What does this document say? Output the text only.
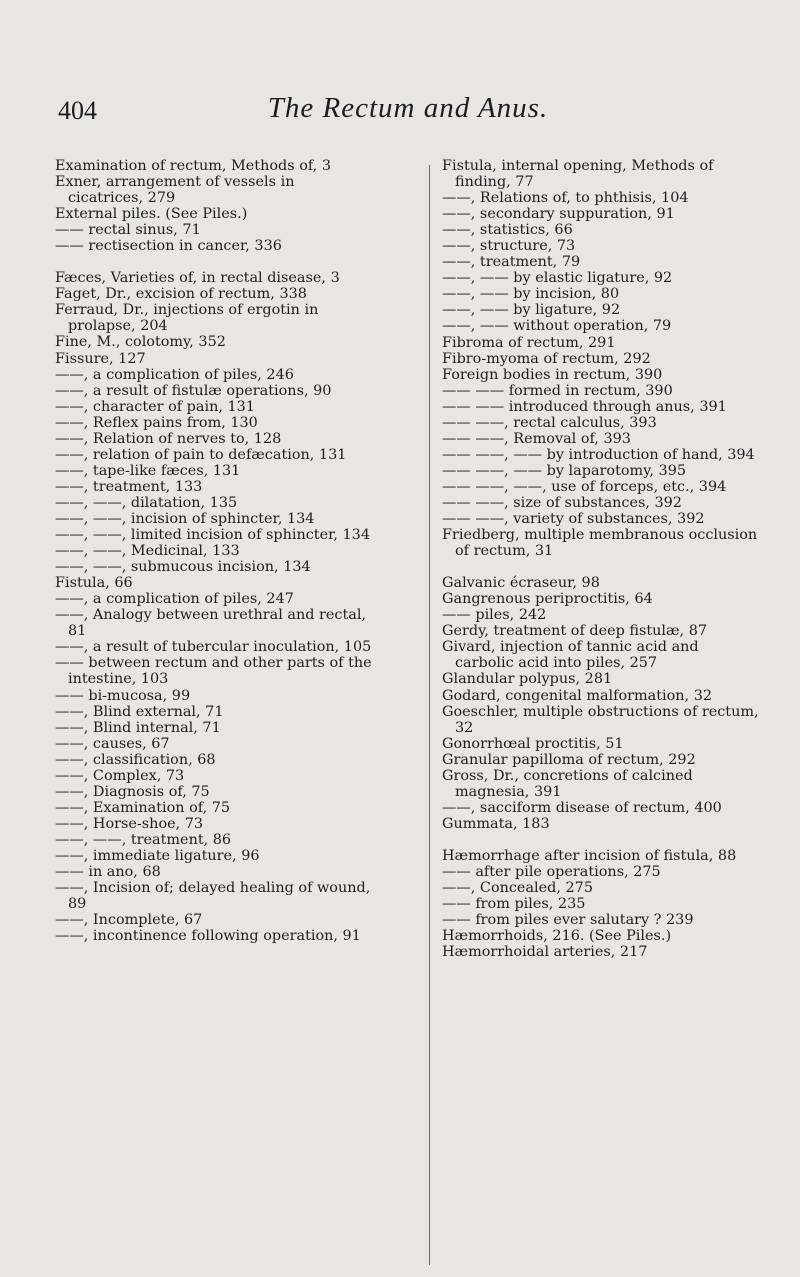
404	The Rectum and Anus.

Examination of rectum, Methods of, 3

Exner, arrangement of vessels in cicatrices, 279

External piles. (See Piles.)

—— rectal sinus, 71

—— rectisection in cancer, 336

Fæces, Varieties of, in rectal disease, 3

Faget, Dr., excision of rectum, 338

Ferraud, Dr., injections of ergotin in prolapse, 204

Fine, M., colotomy, 352

Fissure, 127

——, a complication of piles, 246

——, a result of fistulæ operations, 90

——, character of pain, 131

——, Reflex pains from, 130

——, Relation of nerves to, 128

——, relation of pain to defæcation, 131

——, tape-like fæces, 131

——, treatment, 133

——, ——, dilatation, 135

——, ——, incision of sphincter, 134

——, ——, limited incision of sphincter, 134

——, ——, Medicinal, 133

——, ——, submucous incision, 134

Fistula, 66

——, a complication of piles, 247

——, Analogy between urethral and rectal, 81

——, a result of tubercular inoculation, 105

—— between rectum and other parts of the intestine, 103

—— bi-mucosa, 99

——, Blind external, 71

——, Blind internal, 71

——, causes, 67

——, classification, 68

——, Complex, 73

——, Diagnosis of, 75

——, Examination of, 75

——, Horse-shoe, 73

——, ——, treatment, 86

——, immediate ligature, 96

—— in ano, 68

——, Incision of; delayed healing of wound, 89

——, Incomplete, 67

——, incontinence following operation, 91

Fistula, internal opening, Methods of finding, 77

——, Relations of, to phthisis, 104

——, secondary suppuration, 91

——, statistics, 66

——, structure, 73

——, treatment, 79

——, —— by elastic ligature, 92

——, —— by incision, 80

——, —— by ligature, 92

——, —— without operation, 79

Fibroma of rectum, 291

Fibro-myoma of rectum, 292

Foreign bodies in rectum, 390

—— —— formed in rectum, 390

—— —— introduced through anus, 391

—— ——, rectal calculus, 393

—— ——, Removal of, 393

—— ——, —— by introduction of hand, 394

—— ——, —— by laparotomy, 395

—— ——, ——, use of forceps, etc., 394

—— ——, size of substances, 392

—— ——, variety of substances, 392

Friedberg, multiple membranous occlusion of rectum, 31

Galvanic écraseur, 98

Gangrenous periproctitis, 64

—— piles, 242

Gerdy, treatment of deep fistulæ, 87

Givard, injection of tannic acid and carbolic acid into piles, 257

Glandular polypus, 281

Godard, congenital malformation, 32

Goeschler, multiple obstructions of rectum, 32

Gonorrhœal proctitis, 51

Granular papilloma of rectum, 292

Gross, Dr., concretions of calcined magnesia, 391

——, sacciform disease of rectum, 400

Gummata, 183

Hæmorrhage after incision of fistula, 88

—— after pile operations, 275

——, Concealed, 275

—— from piles, 235

—— from piles ever salutary ? 239

Hæmorrhoids, 216. (See Piles.)

Hæmorrhoidal arteries, 217
